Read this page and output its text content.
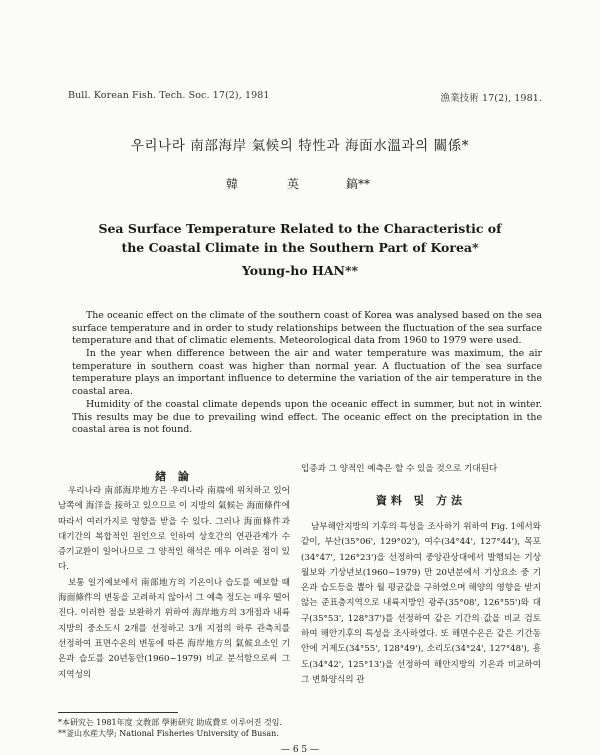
Bull. Korean Fish. Tech. Soc. 17(2), 1981	漁業技術 17(2), 1981.
우리나라 南部海岸 氣候의 特性과 海面水溫과의 關係*
韓	英	鎬**
Sea Surface Temperature Related to the Characteristic of
the Coastal Climate in the Southern Part of Korea*
Young-ho HAN**

The oceanic effect on the climate of the southern coast of Korea was analysed based on the sea surface temperature and in order to study relationships between the fluctuation of the sea surface temperature and that of climatic elements. Meteorological data from 1960 to 1979 were used.

In the year when difference between the air and water temperature was maximum, the air temperature in southern coast was higher than normal year. A fluctuation of the sea surface temperature plays an important influence to determine the variation of the air temperature in the coastal area.

Humidity of the coastal climate depends upon the oceanic effect in summer, but not in winter. This results may be due to prevailing wind effect. The oceanic effect on the preciptation in the coastal area is not found.

緖 論

우리나라 南部海岸地方은 우리나라 南端에 위치하고 있어 남쪽에 海洋을 接하고 있으므로 이 지방의 氣候는 海面條件에 따라서 여러가지로 영향을 받을 수 있다. 그러나 海面條件과 대기간의 복합적인 원인으로 인하여 상호간의 연관관계가 수증기교환이 일어나므로 그 양적인 해석은 매우 어려운 점이 있다.

보통 일기예보에서 南部地方의 기온이나 습도를 예보할 때 海面條件의 변동을 고려하지 않아서 그 예측 정도는 매우 떨어진다. 이러한 점을 보완하기 위하여 海岸地方의 3개점과 내륙지방의 중소도시 2개를 선정하고 3개 지점의 하루 관측치를 선정하여 표면수온의 변동에 따른 海岸地方의 氣候요소인 기온과 습도를 20년동안(1960~1979) 비교 분석함으로써 그 지역성의

입증과 그 양적인 예측은 할 수 있을 것으로 기대된다
資料 및 方法

남부해안지방의 기후의 특성을 조사하기 위하여 Fig. 1에서와 같이, 부산(35°06', 129°02'), 여수(34°44', 127°44'), 목포(34°47', 126°23')을 선정하여 중앙관상대에서 발행되는 기상월보와 기상년보(1960~1979) 만 20년분에서 기상요소 중 기온과 습도등을 뽑아 월 평균값을 구하였으며 해양의 영향을 받지 않는 준표층지역으로 내륙지방인 광주(35°08', 126°55')와 대구(35°53', 128°37')를 선정하여 같은 기간의 값을 비교 검토하여 해안기후의 특성을 조사하였다. 또 해면수온은 같은 기간동안에 거제도(34°55', 128°49'), 소리도(34°24', 127°48'), 흥도(34°42', 125°13')을 선정하여 해안지방의 기온과 비교하여 그 변화양식의 관

*本研究는 1981年度 文敎部 學術研究 助成費로 이루어진 것임.
**釜山水産大學; National Fisheries University of Busan.
— 6 5 —
